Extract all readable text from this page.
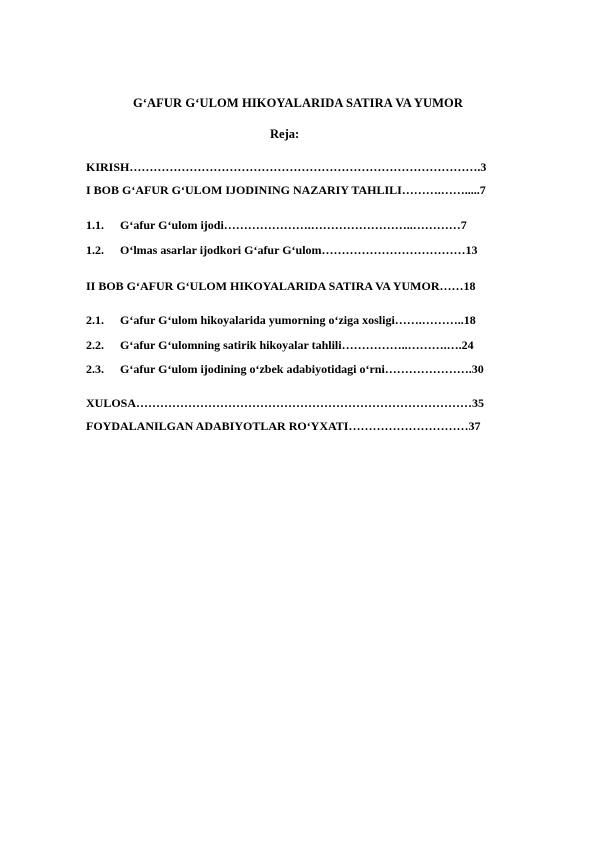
G‘AFUR G‘ULOM HIKOYALARIDA SATIRA VA YUMOR
Reja:
KIRISH…………………………………………………………………………….3
I BOB G‘AFUR G‘ULOM IJODINING NAZARIY TAHLILI……….…….....7
1.1. G‘afur G‘ulom ijodi………………….……………………..…………7
1.2. O‘lmas asarlar ijodkori G‘afur G‘ulom………………………………13
II BOB G‘AFUR G‘ULOM HIKOYALARIDA SATIRA VA YUMOR……18
2.1. G‘afur G‘ulom hikoyalarida yumorning o‘ziga xosligi…….………..18
2.2. G‘afur G‘ulomning satirik hikoyalar tahlili……………..……….….24
2.3. G‘afur G‘ulom ijodining o‘zbek adabiyotidagi o‘rni………………….30
XULOSA…………………………………………………………………………35
FOYDALANILGAN ADABIYOTLAR RO‘YXATI…………………………37
